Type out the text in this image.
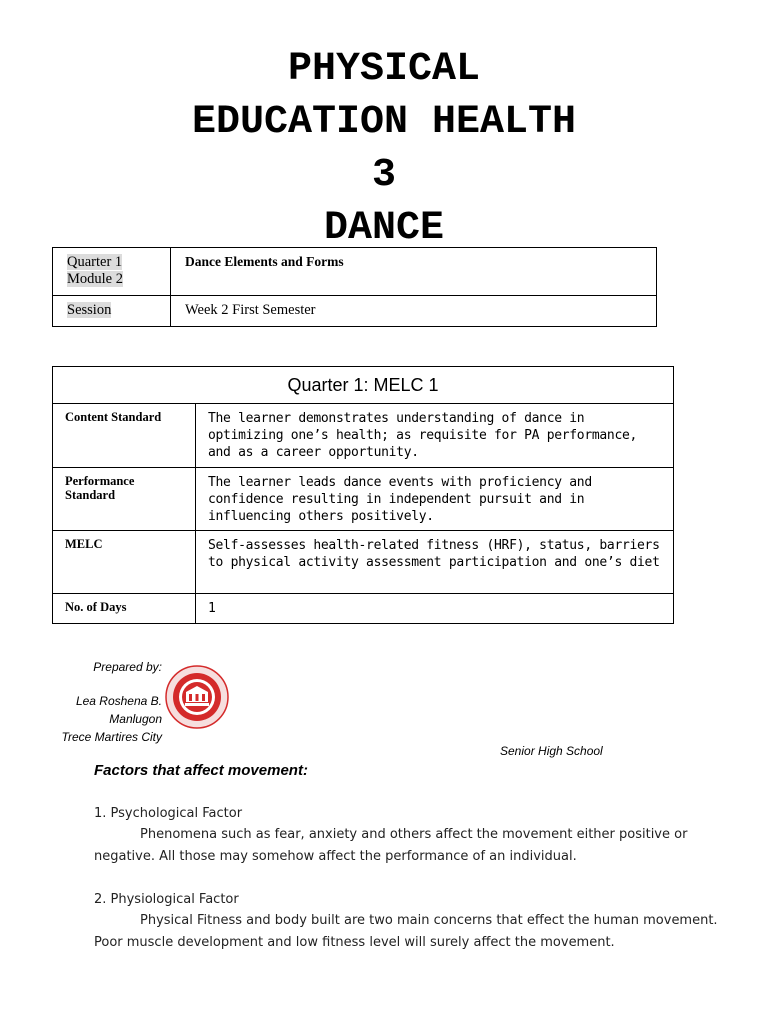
PHYSICAL
EDUCATION HEALTH
3
DANCE
Quarter 1
Module 2	Dance Elements and Forms
Session	Week 2 First Semester
Quarter 1: MELC 1	
Content Standard	The learner demonstrates understanding of dance in optimizing one’s health; as requisite for PA performance, and as a career opportunity.
Performance Standard	The learner leads dance events with proficiency and confidence resulting in independent pursuit and in influencing others positively.
MELC	Self-assesses health-related fitness (HRF), status, barriers to physical activity assessment participation and one’s diet
No. of Days	1
Prepared by:
Lea Roshena B.
Manlugon
Trece Martires City
Senior High School
Factors that affect movement:
1. Psychological Factor
Phenomena such as fear, anxiety and others affect the movement either positive or negative. All those may somehow affect the performance of an individual.
2. Physiological Factor
Physical Fitness and body built are two main concerns that effect the human movement. Poor muscle development and low fitness level will surely affect the movement.
